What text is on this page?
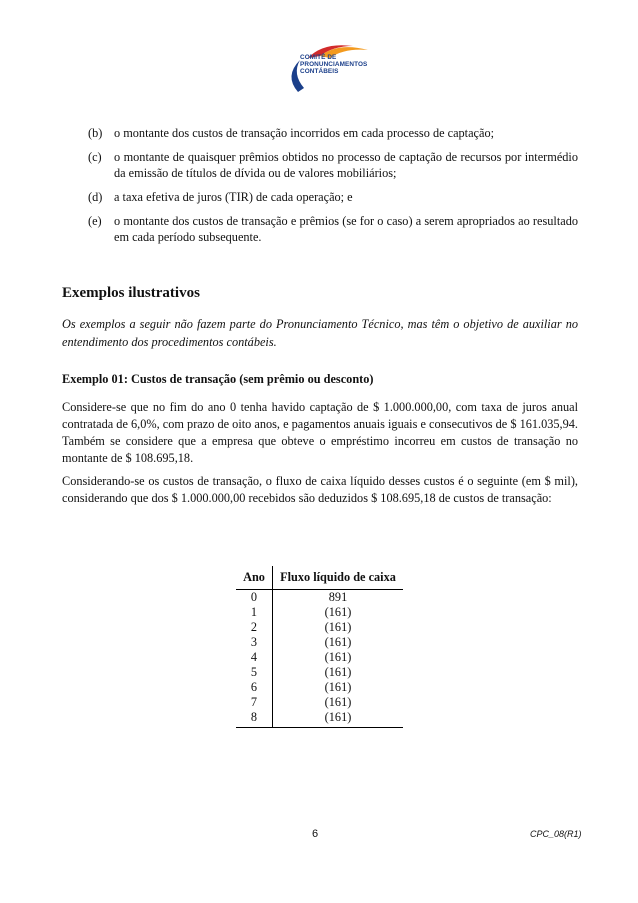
COMITÊ DE
PRONUNCIAMENTOS
CONTÁBEIS
(b) o montante dos custos de transação incorridos em cada processo de captação;
(c)	o montante de quaisquer prêmios obtidos no processo de captação de recursos por intermédio da emissão de títulos de dívida ou de valores mobiliários;
(d) a taxa efetiva de juros (TIR) de cada operação; e
(e)	o montante dos custos de transação e prêmios (se for o caso) a serem apropriados ao resultado em cada período subsequente.
Exemplos ilustrativos
Os exemplos a seguir não fazem parte do Pronunciamento Técnico, mas têm o objetivo de auxiliar no entendimento dos procedimentos contábeis.
Exemplo 01: Custos de transação (sem prêmio ou desconto)
Considere-se que no fim do ano 0 tenha havido captação de $ 1.000.000,00, com taxa de juros anual contratada de 6,0%, com prazo de oito anos, e pagamentos anuais iguais e consecutivos de $ 161.035,94. Também se considere que a empresa que obteve o empréstimo incorreu em custos de transação no montante de $ 108.695,18.
Considerando-se os custos de transação, o fluxo de caixa líquido desses custos é o seguinte (em $ mil), considerando que dos $ 1.000.000,00 recebidos são deduzidos $ 108.695,18 de custos de transação:
Ano	Fluxo líquido de caixa
0	891
1	(161)
2	(161)
3	(161)
4	(161)
5	(161)
6	(161)
7	(161)
8	(161)
6	CPC_08(R1)
